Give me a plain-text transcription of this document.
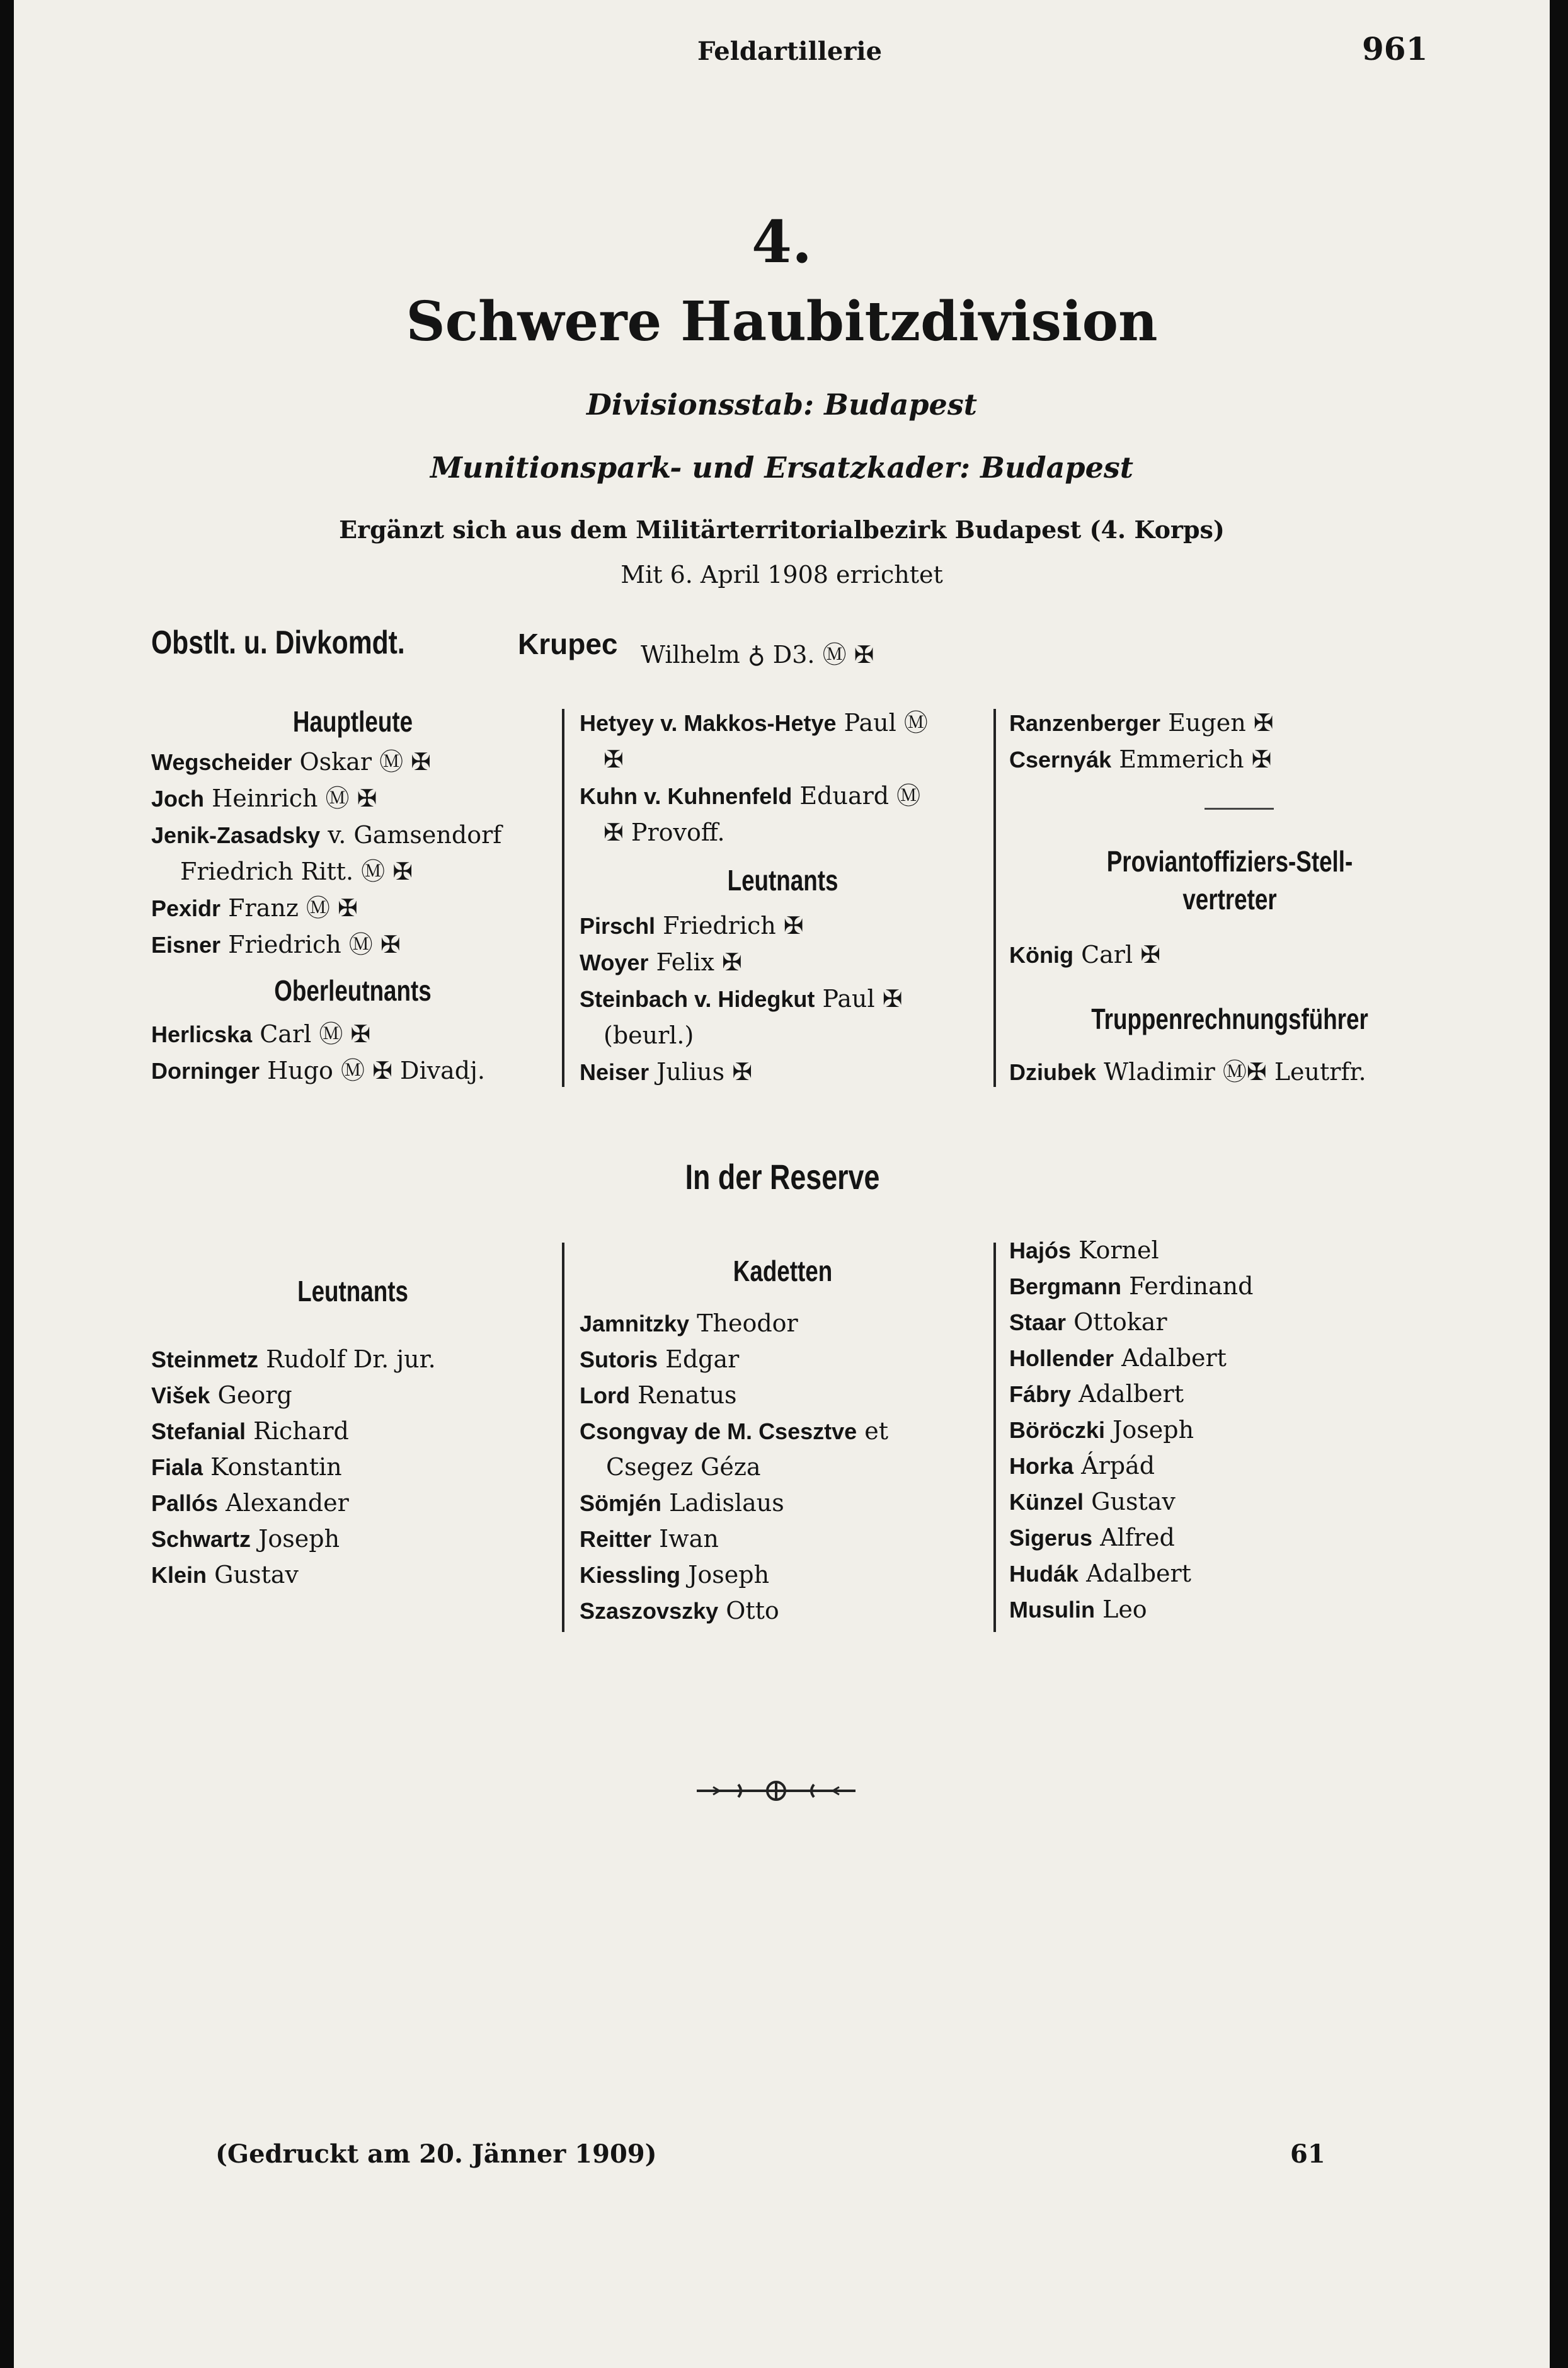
Feldartillerie	961
4.
Schwere Haubitzdivision
Divisionsstab: Budapest
Munitionspark- und Ersatzkader: Budapest
Ergänzt sich aus dem Militärterritorialbezirk Budapest (4. Korps)
Mit 6. April 1908 errichtet
Obstlt. u. Divkomdt.	Krupec Wilhelm ♁ D3. Ⓜ ✠
Hauptleute
Wegscheider Oskar Ⓜ ✠
Joch Heinrich Ⓜ ✠
Jenik-Zasadsky v. Gamsendorf
Friedrich Ritt. Ⓜ ✠
Pexidr Franz Ⓜ ✠
Eisner Friedrich Ⓜ ✠
Oberleutnants
Herlicska Carl Ⓜ ✠
Dorninger Hugo Ⓜ ✠ Divadj.
Hetyey v. Makkos-Hetye Paul Ⓜ
✠
Kuhn v. Kuhnenfeld Eduard Ⓜ
✠ Provoff.
Leutnants
Pirschl Friedrich ✠
Woyer Felix ✠
Steinbach v. Hidegkut Paul ✠
(beurl.)
Neiser Julius ✠
Ranzenberger Eugen ✠
Csernyák Emmerich ✠
Proviantoffiziers-Stell-
vertreter
König Carl ✠
Truppenrechnungsführer
Dziubek Wladimir Ⓜ✠ Leutrfr.
In der Reserve
Leutnants
Steinmetz Rudolf Dr. jur.
Višek Georg
Stefanial Richard
Fiala Konstantin
Pallós Alexander
Schwartz Joseph
Klein Gustav
Kadetten
Jamnitzky Theodor
Sutoris Edgar
Lord Renatus
Csongvay de M. Csesztve et
Csegez Géza
Sömjén Ladislaus
Reitter Iwan
Kiessling Joseph
Szaszovszky Otto
Hajós Kornel
Bergmann Ferdinand
Staar Ottokar
Hollender Adalbert
Fábry Adalbert
Böröczki Joseph
Horka Árpád
Künzel Gustav
Sigerus Alfred
Hudák Adalbert
Musulin Leo
(Gedruckt am 20. Jänner 1909)	61
